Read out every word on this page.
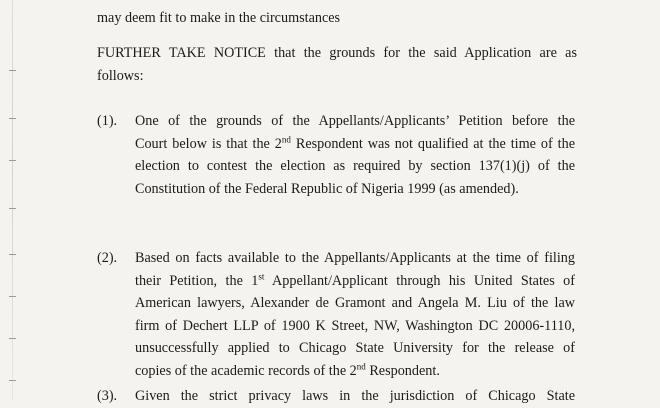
may deem fit to make in the circumstances
FURTHER TAKE NOTICE that the grounds for the said Application are as
follows:
(1). One of the grounds of the Appellants/Applicants’ Petition before the
Court below is that the 2nd Respondent was not qualified at the time of the
election to contest the election as required by section 137(1)(j) of the
Constitution of the Federal Republic of Nigeria 1999 (as amended).
(2). Based on facts available to the Appellants/Applicants at the time of filing
their Petition, the 1st Appellant/Applicant through his United States of
American lawyers, Alexander de Gramont and Angela M. Liu of the law
firm of Dechert LLP of 1900 K Street, NW, Washington DC 20006-1110,
unsuccessfully applied to Chicago State University for the release of
copies of the academic records of the 2nd Respondent.
(3). Given the strict privacy laws in the jurisdiction of Chicago State
